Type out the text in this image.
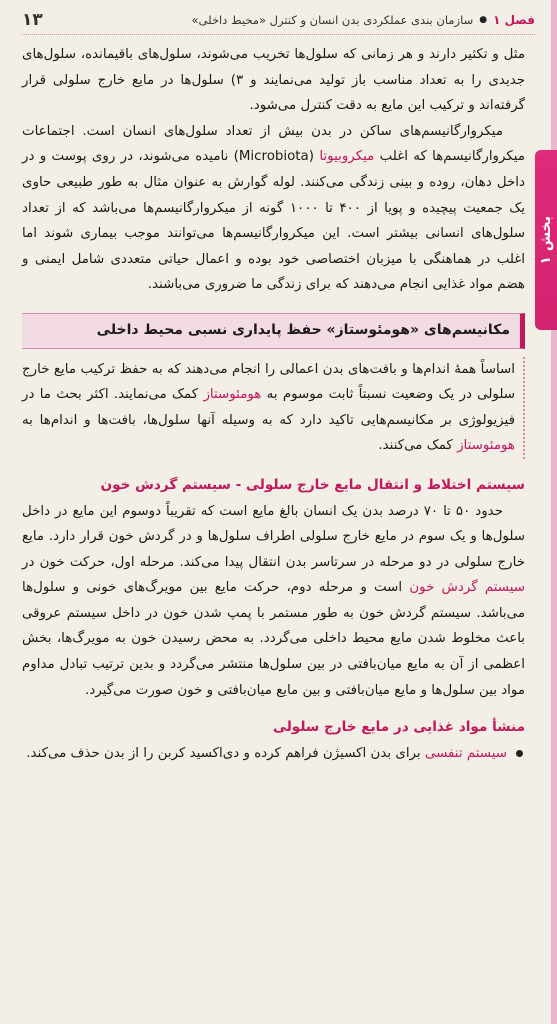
بخش ۱
فصل ۱
●
سازمان بندی عملکردی بدن انسان و کنترل «محیط داخلی»
۱۳

مثل و تکثیر دارند و هر زمانی که سلول‌ها تخریب می‌شوند، سلول‌های باقیمانده، سلول‌های جدیدی را به تعداد مناسب باز تولید می‌نمایند و ۳) سلول‌ها در مایع خارج سلولی قرار گرفته‌اند و ترکیب این مایع به دقت کنترل می‌شود.

میکروارگانیسم‌های ساکن در بدن بیش از تعداد سلول‌های انسان است. اجتماعات میکروارگانیسم‌ها که اغلب میکروبیوتا (Microbiota) نامیده می‌شوند، در روی پوست و در داخل دهان، روده و بینی زندگی می‌کنند. لوله گوارش به عنوان مثال به طور طبیعی حاوی یک جمعیت پیچیده و پویا از ۴۰۰ تا ۱۰۰۰ گونه از میکروارگانیسم‌ها می‌باشد که از تعداد سلول‌های انسانی بیشتر است. این میکروارگانیسم‌ها می‌توانند موجب بیماری شوند اما اغلب در هماهنگی با میزبان اختصاصی خود بوده و اعمال حیاتی متعددی شامل ایمنی و هضم مواد غذایی انجام می‌دهند که برای زندگی ما ضروری می‌باشند.

مکانیسم‌های «هومئوستاز» حفظ پایداری نسبی محیط داخلی

اساساً همهٔ اندام‌ها و بافت‌های بدن اعمالی را انجام می‌دهند که به حفظ ترکیب مایع خارج سلولی در یک وضعیت نسبتاً ثابت موسوم به هومئوستاز کمک می‌نمایند. اکثر بحث ما در فیزیولوژی بر مکانیسم‌هایی تاکید دارد که به وسیله آنها سلول‌ها، بافت‌ها و اندام‌ها به هومئوستاز کمک می‌کنند.

سیستم اختلاط و انتقال مایع خارج سلولی - سیستم گردش خون

حدود ۵۰ تا ۷۰ درصد بدن یک انسان بالغ مایع است که تقریباً دوسوم این مایع در داخل سلول‌ها و یک سوم در مایع خارج سلولی اطراف سلول‌ها و در گردش خون قرار دارد. مایع خارج سلولی در دو مرحله در سرتاسر بدن انتقال پیدا می‌کند. مرحله اول، حرکت خون در سیستم گردش خون است و مرحله دوم، حرکت مایع بین مویرگ‌های خونی و سلول‌ها می‌باشد. سیستم گردش خون به طور مستمر با پمپ شدن خون در داخل سیستم عروقی باعث مخلوط شدن مایع محیط داخلی می‌گردد. به محض رسیدن خون به مویرگ‌ها، بخش اعظمی از آن به مایع میان‌بافتی در بین سلول‌ها منتشر می‌گردد و بدین ترتیب تبادل مداوم مواد بین سلول‌ها و مایع میان‌بافتی و بین مایع میان‌بافتی و خون صورت می‌گیرد.

منشأ مواد غذایی در مایع خارج سلولی

سیستم تنفسی برای بدن اکسیژن فراهم کرده و دی‌اکسید کربن را از بدن حذف می‌کند.
